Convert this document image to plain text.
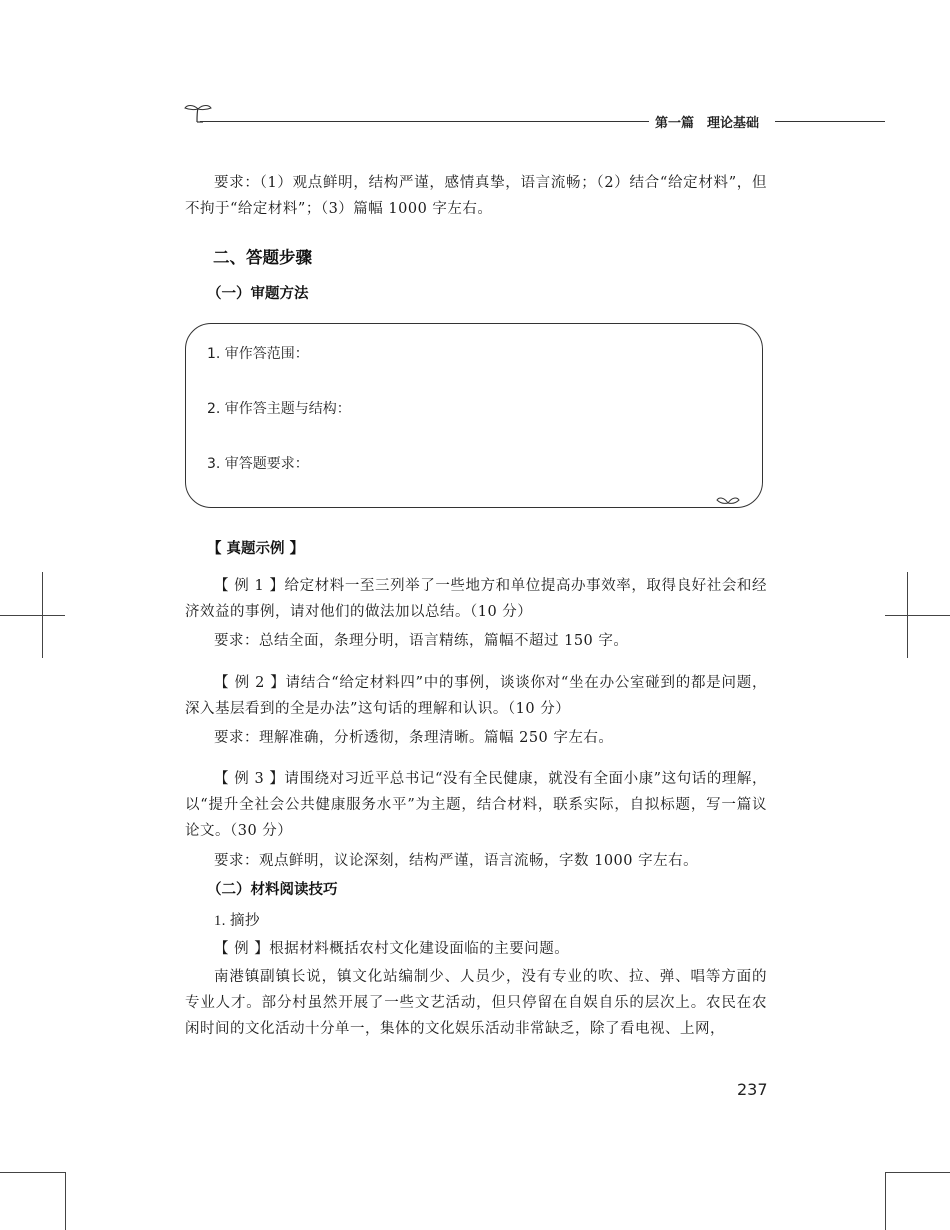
第一篇　理论基础
要求：（1）观点鲜明，结构严谨，感情真挚，语言流畅；（2）结合“给定材料”，但不拘于“给定材料”；（3）篇幅 1000 字左右。
二、答题步骤
（一）审题方法
1. 审作答范围：
2. 审作答主题与结构：
3. 审答题要求：
【 真题示例 】
【 例 1 】给定材料一至三列举了一些地方和单位提高办事效率，取得良好社会和经济效益的事例，请对他们的做法加以总结。（10 分）
要求：总结全面，条理分明，语言精练，篇幅不超过 150 字。
【 例 2 】请结合“给定材料四”中的事例，谈谈你对“坐在办公室碰到的都是问题，深入基层看到的全是办法”这句话的理解和认识。（10 分）
要求：理解准确，分析透彻，条理清晰。篇幅 250 字左右。
【 例 3 】请围绕对习近平总书记“没有全民健康，就没有全面小康”这句话的理解，以“提升全社会公共健康服务水平”为主题，结合材料，联系实际，自拟标题，写一篇议论文。（30 分）
要求：观点鲜明，议论深刻，结构严谨，语言流畅，字数 1000 字左右。
（二）材料阅读技巧
1. 摘抄
【 例 】根据材料概括农村文化建设面临的主要问题。
南港镇副镇长说，镇文化站编制少、人员少，没有专业的吹、拉、弹、唱等方面的专业人才。部分村虽然开展了一些文艺活动，但只停留在自娱自乐的层次上。农民在农闲时间的文化活动十分单一，集体的文化娱乐活动非常缺乏，除了看电视、上网，
237
